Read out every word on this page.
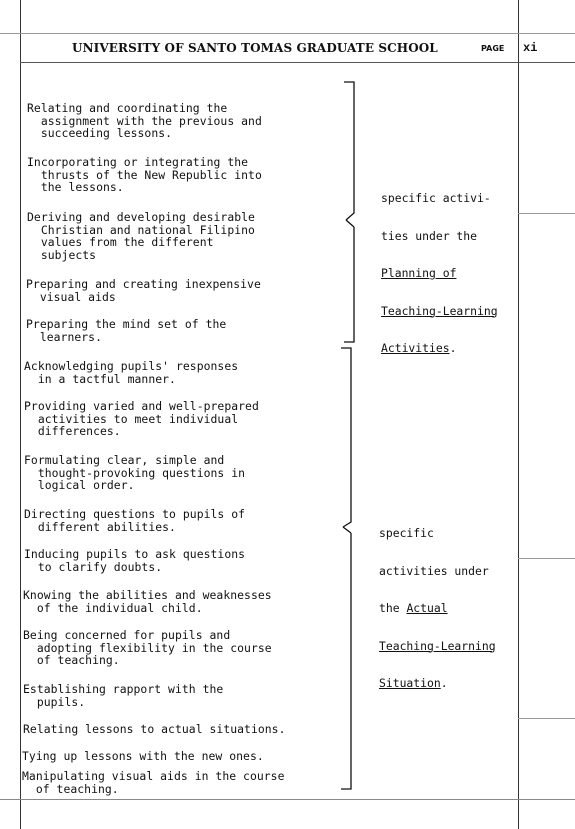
UNIVERSITY OF SANTO TOMAS GRADUATE SCHOOL	PAGE xi
Relating and coordinating the
assignment with the previous and
succeeding lessons.
Incorporating or integrating the
thrusts of the New Republic into
the lessons.
Deriving and developing desirable
Christian and national Filipino
values from the different
subjects
Preparing and creating inexpensive
visual aids
Preparing the mind set of the
learners.

specific activi-

ties under the

Planning of

Teaching-Learning

Activities.

Acknowledging pupils' responses
in a tactful manner.
Providing varied and well-prepared
activities to meet individual
differences.
Formulating clear, simple and
thought-provoking questions in
logical order.
Directing questions to pupils of
different abilities.
Inducing pupils to ask questions
to clarify doubts.
Knowing the abilities and weaknesses
of the individual child.
Being concerned for pupils and
adopting flexibility in the course
of teaching.
Establishing rapport with the
pupils.
Relating lessons to actual situations.
Tying up lessons with the new ones.
Manipulating visual aids in the course
of teaching.

specific

activities under

the Actual

Teaching-Learning

Situation.
